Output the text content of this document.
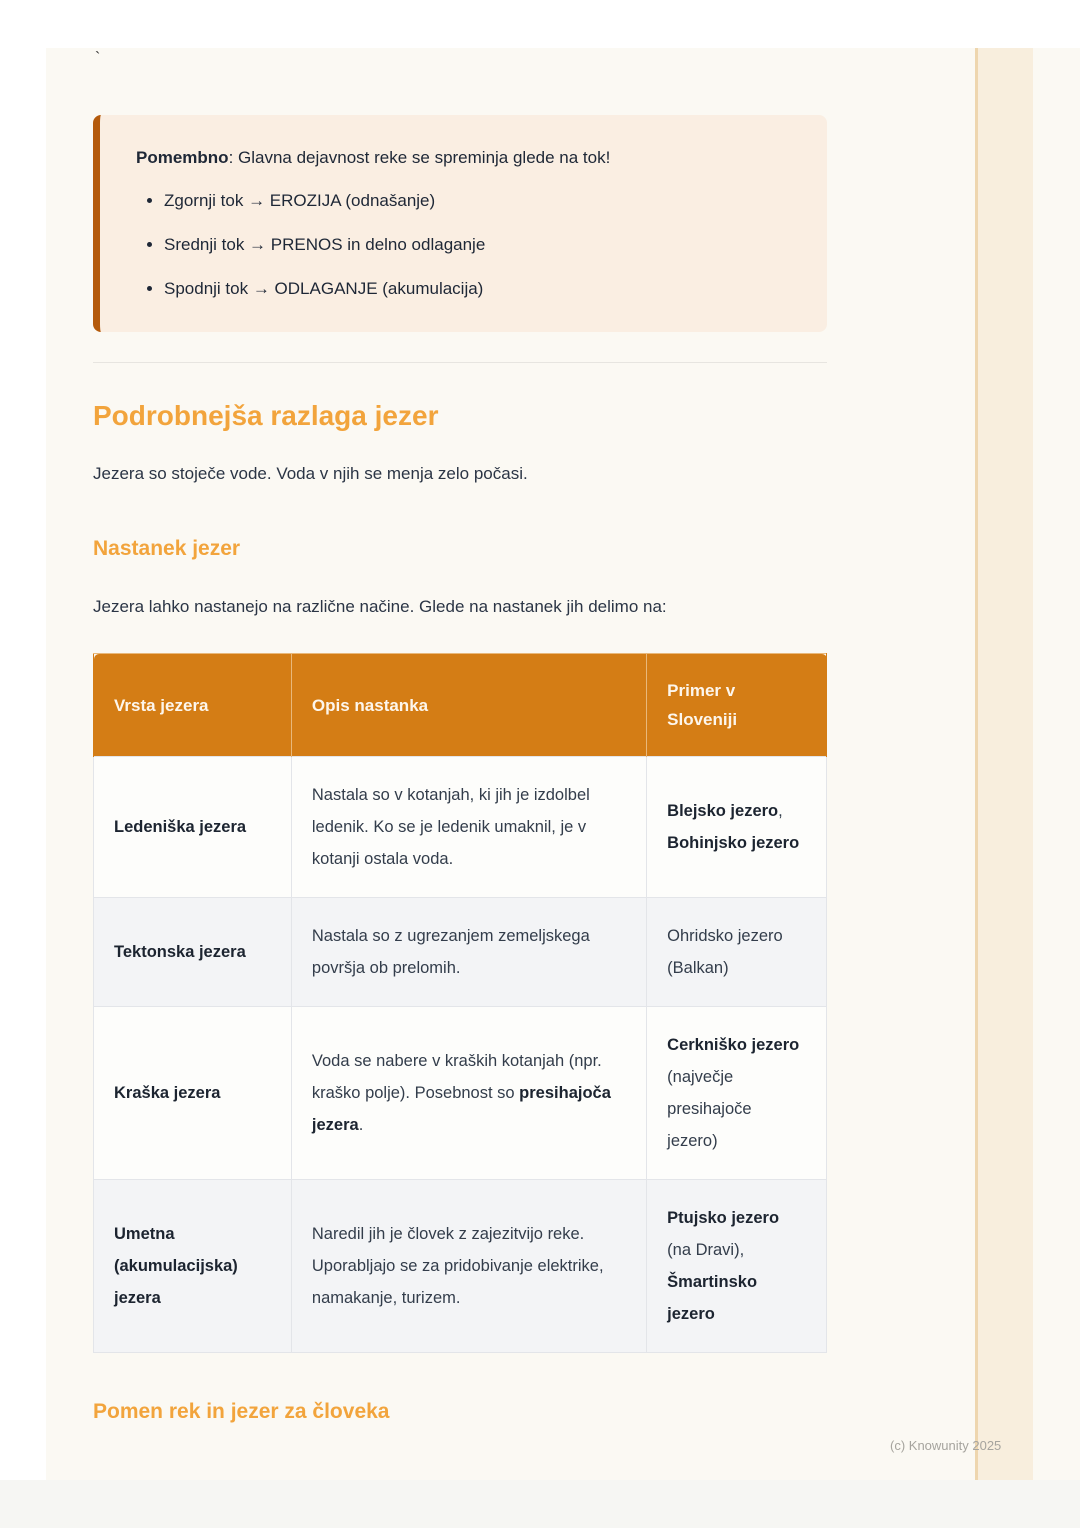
`
Pomembno: Glavna dejavnost reke se spreminja glede na tok!
• Zgornji tok → EROZIJA (odnašanje)
• Srednji tok → PRENOS in delno odlaganje
• Spodnji tok → ODLAGANJE (akumulacija)
Podrobnejša razlaga jezer

Jezera so stoječe vode. Voda v njih se menja zelo počasi.

Nastanek jezer

Jezera lahko nastanejo na različne načine. Glede na nastanek jih delimo na:

Vrsta jezera	Opis nastanka	Primer v Sloveniji
Ledeniška jezera	Nastala so v kotanjah, ki jih je izdolbel ledenik. Ko se je ledenik umaknil, je v kotanji ostala voda.	Blejsko jezero, Bohinjsko jezero
Tektonska jezera	Nastala so z ugrezanjem zemeljskega površja ob prelomih.	Ohridsko jezero (Balkan)
Kraška jezera	Voda se nabere v kraških kotanjah (npr. kraško polje). Posebnost so presihajoča jezera.	Cerkniško jezero (največje presihajoče jezero)
Umetna (akumulacijska) jezera	Naredil jih je človek z zajezitvijo reke. Uporabljajo se za pridobivanje elektrike, namakanje, turizem.	Ptujsko jezero (na Dravi), Šmartinsko jezero
Pomen rek in jezer za človeka
(c) Knowunity 2025
